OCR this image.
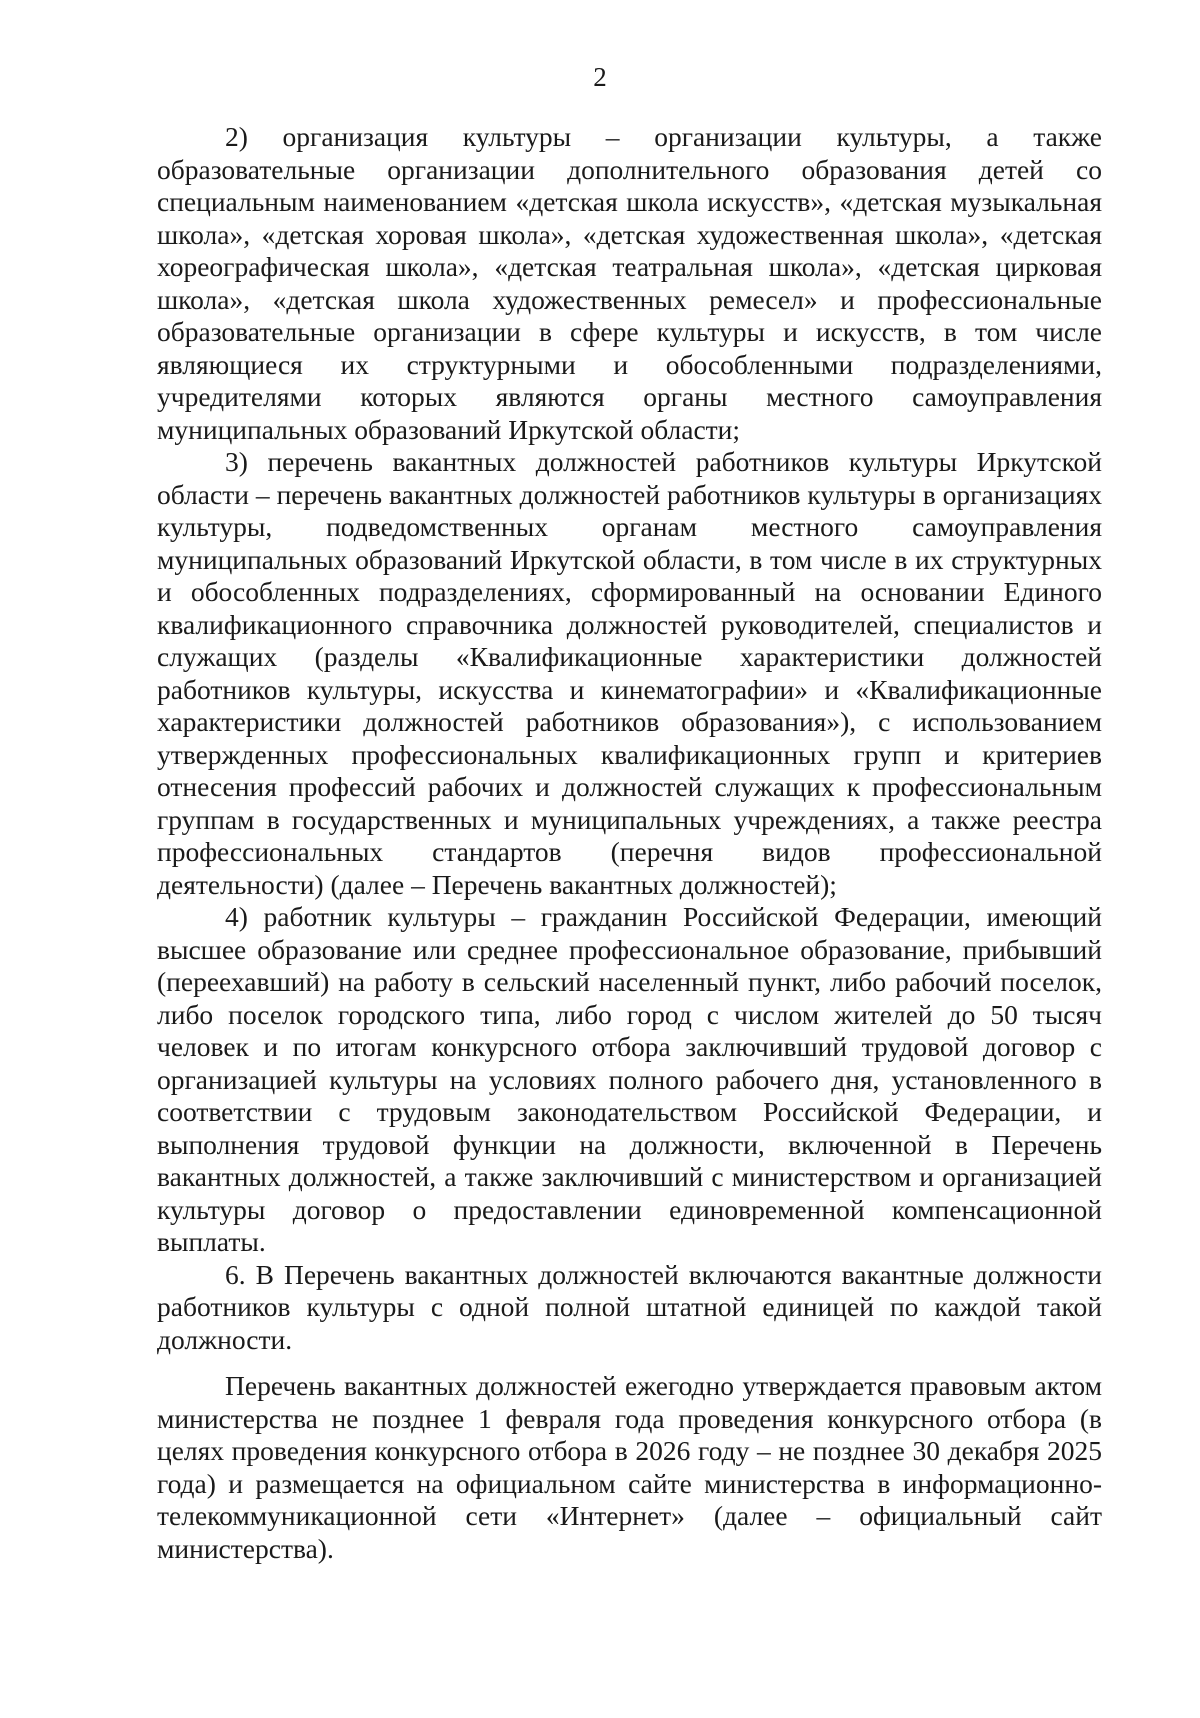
2

2) организация культуры – организации культуры, а также образовательные организации дополнительного образования детей со специальным наименованием «детская школа искусств», «детская музыкальная школа», «детская хоровая школа», «детская художественная школа», «детская хореографическая школа», «детская театральная школа», «детская цирковая школа», «детская школа художественных ремесел» и профессиональные образовательные организации в сфере культуры и искусств, в том числе являющиеся их структурными и обособленными подразделениями, учредителями которых являются органы местного самоуправления муниципальных образований Иркутской области;

3) перечень вакантных должностей работников культуры Иркутской области – перечень вакантных должностей работников культуры в организациях культуры, подведомственных органам местного самоуправления муниципальных образований Иркутской области, в том числе в их структурных и обособленных подразделениях, сформированный на основании Единого квалификационного справочника должностей руководителей, специалистов и служащих (разделы «Квалификационные характеристики должностей работников культуры, искусства и кинематографии» и «Квалификационные характеристики должностей работников образования»), с использованием утвержденных профессиональных квалификационных групп и критериев отнесения профессий рабочих и должностей служащих к профессиональным группам в государственных и муниципальных учреждениях, а также реестра профессиональных стандартов (перечня видов профессиональной деятельности) (далее – Перечень вакантных должностей);

4) работник культуры – гражданин Российской Федерации, имеющий высшее образование или среднее профессиональное образование, прибывший (переехавший) на работу в сельский населенный пункт, либо рабочий поселок, либо поселок городского типа, либо город с числом жителей до 50 тысяч человек и по итогам конкурсного отбора заключивший трудовой договор с организацией культуры на условиях полного рабочего дня, установленного в соответствии с трудовым законодательством Российской Федерации, и выполнения трудовой функции на должности, включенной в Перечень вакантных должностей, а также заключивший с министерством и организацией культуры договор о предоставлении единовременной компенсационной выплаты.

6. В Перечень вакантных должностей включаются вакантные должности работников культуры с одной полной штатной единицей по каждой такой должности.

Перечень вакантных должностей ежегодно утверждается правовым актом министерства не позднее 1 февраля года проведения конкурсного отбора (в целях проведения конкурсного отбора в 2026 году – не позднее 30 декабря 2025 года) и размещается на официальном сайте министерства в информационно-телекоммуникационной сети «Интернет» (далее – официальный сайт министерства).
